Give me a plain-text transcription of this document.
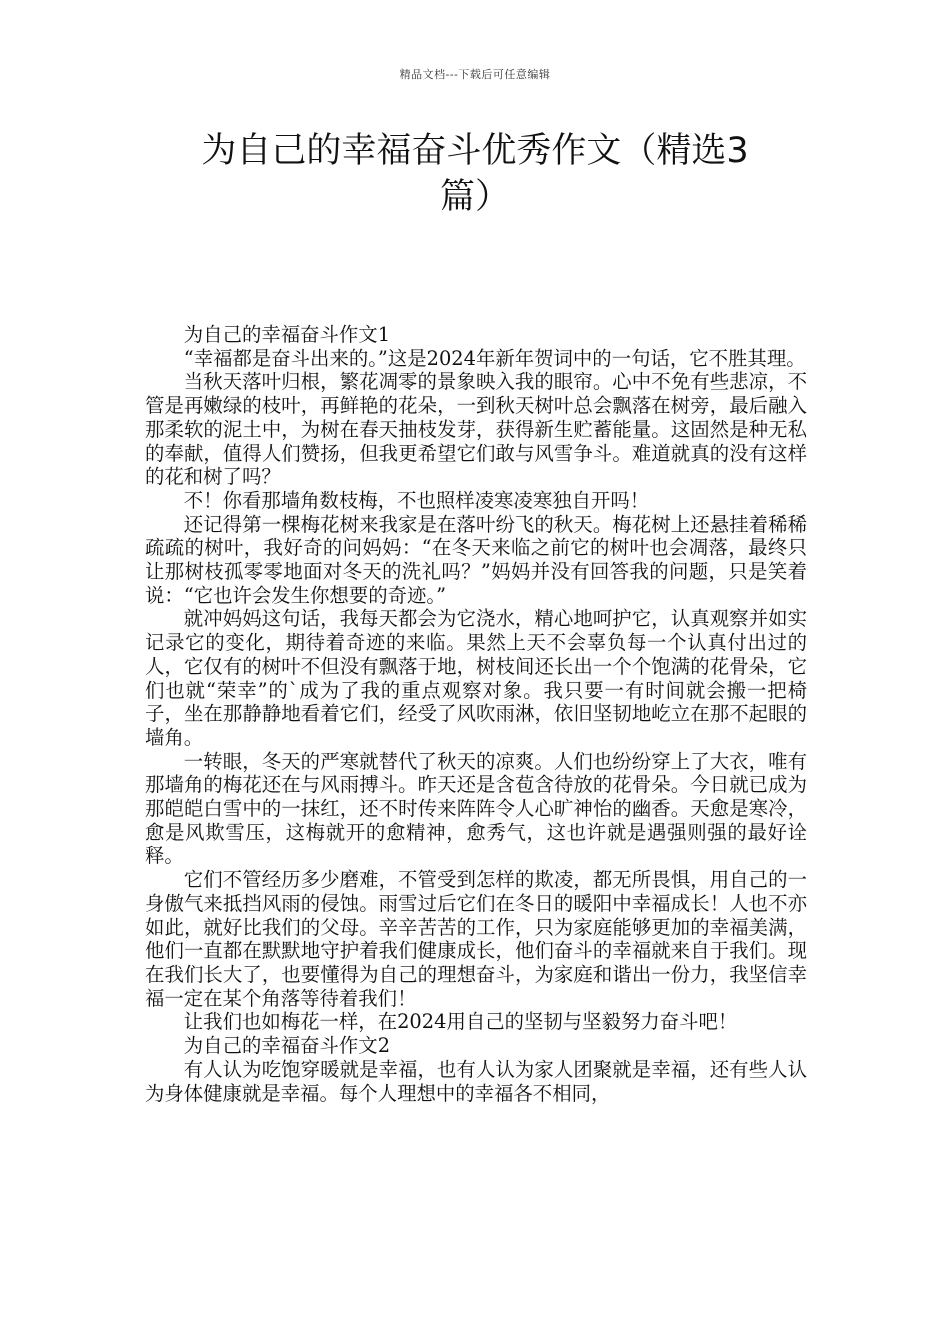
精品文档---下载后可任意编辑
为自己的幸福奋斗优秀作文（精选3
篇）

为自己的幸福奋斗作文1

“幸福都是奋斗出来的。”这是2024年新年贺词中的一句话，它不胜其理。

当秋天落叶归根，繁花凋零的景象映入我的眼帘。心中不免有些悲凉，不管是再嫩绿的枝叶，再鲜艳的花朵，一到秋天树叶总会飘落在树旁，最后融入那柔软的泥土中，为树在春天抽枝发芽，获得新生贮蓄能量。这固然是种无私的奉献，值得人们赞扬，但我更希望它们敢与风雪争斗。难道就真的没有这样的花和树了吗？

不！你看那墙角数枝梅，不也照样凌寒凌寒独自开吗！

还记得第一棵梅花树来我家是在落叶纷飞的秋天。梅花树上还悬挂着稀稀疏疏的树叶，我好奇的问妈妈：“在冬天来临之前它的树叶也会凋落，最终只让那树枝孤零零地面对冬天的洗礼吗？”妈妈并没有回答我的问题，只是笑着说：“它也许会发生你想要的奇迹。”

就冲妈妈这句话，我每天都会为它浇水，精心地呵护它，认真观察并如实记录它的变化，期待着奇迹的来临。果然上天不会辜负每一个认真付出过的人，它仅有的树叶不但没有飘落于地，树枝间还长出一个个饱满的花骨朵，它们也就“荣幸”的`成为了我的重点观察对象。我只要一有时间就会搬一把椅子，坐在那静静地看着它们，经受了风吹雨淋，依旧坚韧地屹立在那不起眼的墙角。

一转眼，冬天的严寒就替代了秋天的凉爽。人们也纷纷穿上了大衣，唯有那墙角的梅花还在与风雨搏斗。昨天还是含苞含待放的花骨朵。今日就已成为那皑皑白雪中的一抹红，还不时传来阵阵令人心旷神怡的幽香。天愈是寒冷，愈是风欺雪压，这梅就开的愈精神，愈秀气，这也许就是遇强则强的最好诠释。

它们不管经历多少磨难，不管受到怎样的欺凌，都无所畏惧，用自己的一身傲气来抵挡风雨的侵蚀。雨雪过后它们在冬日的暖阳中幸福成长！人也不亦如此，就好比我们的父母。辛辛苦苦的工作，只为家庭能够更加的幸福美满，他们一直都在默默地守护着我们健康成长，他们奋斗的幸福就来自于我们。现在我们长大了，也要懂得为自己的理想奋斗，为家庭和谐出一份力，我坚信幸福一定在某个角落等待着我们！

让我们也如梅花一样，在2024用自己的坚韧与坚毅努力奋斗吧！

为自己的幸福奋斗作文2

有人认为吃饱穿暖就是幸福，也有人认为家人团聚就是幸福，还有些人认为身体健康就是幸福。每个人理想中的幸福各不相同，
